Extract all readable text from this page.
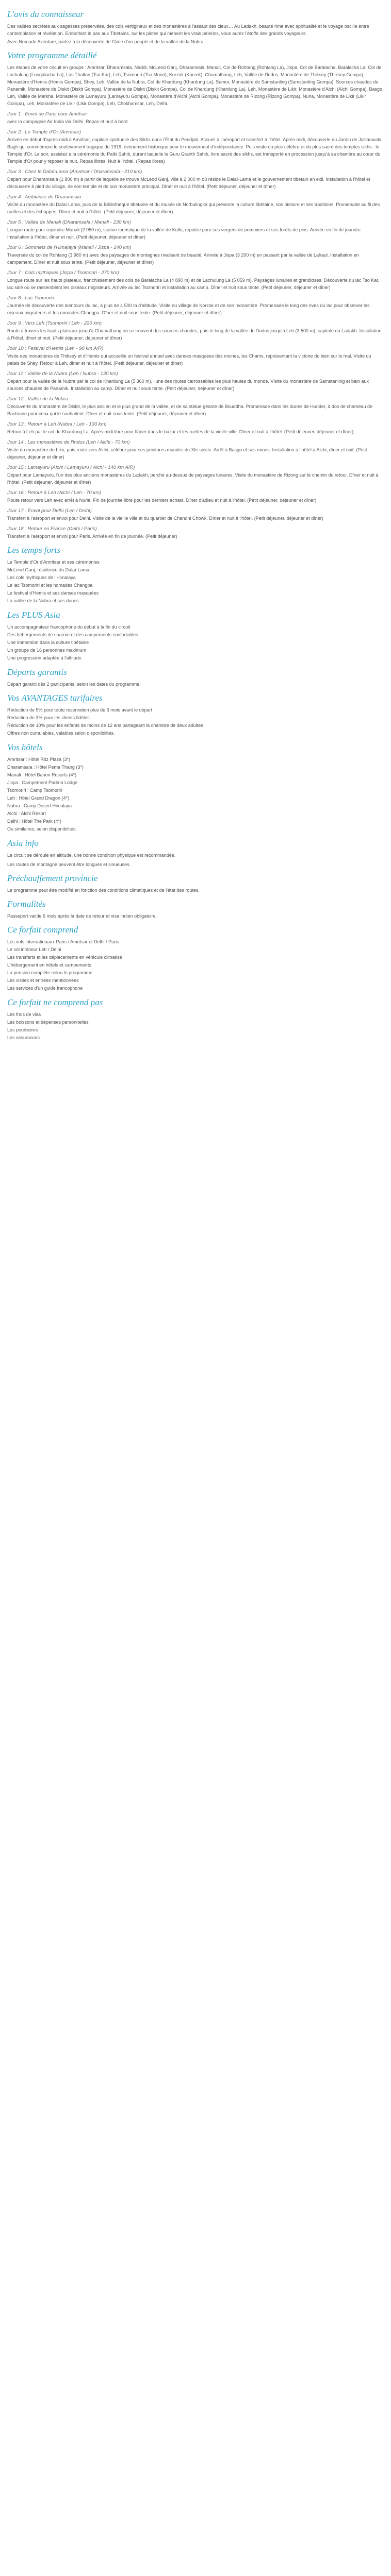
L'avis du connaisseur

Des vallées secrètes aux sagesses préservées, des cols vertigineux et des monastères à l'assaut des cieux… Au Ladakh, beauté rime avec spiritualité et le voyage oscille entre contemplation et révélation. Emboîtant le pas aux Tibétains, sur les pistes qui mènent les vrais pèlerins, vous aurez l'étoffe des grands voyageurs.

Avec Nomade Aventure, partez à la découverte de l'âme d'un peuple et de la vallée de la Nubra.

Votre programme détaillé

Les étapes de votre circuit en groupe : Amritsar, Dharamsala, Naddi, McLeod Ganj, Dharamsala, Manali, Col de Rohtang (Rohtang La), Jispa, Col de Baralacha, Baralacha La, Col de Lachulung (Lungalacha La), Las Thaltan (Tso Kar), Leh, Tsomoriri (Tso Moriri), Korzok (Korzok), Chumathang, Leh, Vallée de l'Indus, Monastère de Thiksey (Thiksey Gompa), Monastère d'Hemis (Hemis Gompa), Shey, Leh, Vallée de la Nubra, Col de Khardung (Khardung La), Sumur, Monastère de Samstanling (Samstanling Gompa), Sources chaudes de Panamik, Monastère de Diskit (Diskit Gompa), Monastère de Diskit (Diskit Gompa), Col de Khardung (Khardung La), Leh, Monastère de Likir, Monastère d'Alchi (Alchi Gompa), Basgo, Leh, Vallée de Markha, Monastère de Lamayuru (Lamayuru Gompa), Monastère d'Alchi (Alchi Gompa), Monastère de Rizong (Rizong Gompa), Nurla, Monastère de Likir (Likir Gompa), Leh, Monastère de Likir (Likir Gompa), Leh, Chokhamsar, Leh, Delhi.

Jour 1 : Envol de Paris pour Amritsar

avec la compagnie Air India via Delhi. Repas et nuit à bord.

Jour 2 : Le Temple d'Or (Amritsar)

Arrivée en début d'après-midi à Amritsar, capitale spirituelle des Sikhs dans l'État du Pendjab. Accueil à l'aéroport et transfert à l'hôtel. Après-midi, découverte du Jardin de Jallianwala Bagh qui commémore le soulèvement tragique de 1919, événement historique pour le mouvement d'indépendance. Puis visite du plus célèbre et du plus sacré des temples sikhs : le Temple d'Or. Le soir, assistez à la cérémonie du Palki Sahib, durant laquelle le Guru Granth Sahib, livre sacré des sikhs, est transporté en procession jusqu'à sa chambre au cœur du Temple d'Or pour y reposer la nuit. Repas libres. Nuit à l'hôtel. (Repas libres)

Jour 3 : Chez le Dalaï-Lama (Amritsar / Dharamsala - 210 km)

Départ pour Dharamsala (1 800 m) à partir de laquelle se trouve McLeod Ganj, ville à 2 000 m où réside le Dalaï-Lama et le gouvernement tibétain en exil. Installation à l'hôtel et découverte à pied du village, de son temple et de son monastère principal. Dîner et nuit à l'hôtel. (Petit déjeuner, déjeuner et dîner)

Jour 4 : Ambiance de Dharamsala

Visite du monastère du Dalaï-Lama, puis de la Bibliothèque tibétaine et du musée de Norbulingka qui présente la culture tibétaine, son histoire et ses traditions. Promenade au fil des ruelles et des échoppes. Dîner et nuit à l'hôtel. (Petit déjeuner, déjeuner et dîner)

Jour 5 : Vallée de Manali (Dharamsala / Manali - 230 km)

Longue route pour rejoindre Manali (2 050 m), station touristique de la vallée de Kullu, réputée pour ses vergers de pommiers et ses forêts de pins. Arrivée en fin de journée. Installation à l'hôtel, dîner et nuit. (Petit déjeuner, déjeuner et dîner)

Jour 6 : Sommets de l'Himalaya (Manali / Jispa - 140 km)

Traversée du col de Rohtang (3 980 m) avec des paysages de montagnes rivalisant de beauté. Arrivée à Jispa (3 200 m) en passant par la vallée de Lahaul. Installation en campement. Dîner et nuit sous tente. (Petit déjeuner, déjeuner et dîner)

Jour 7 : Cols mythiques (Jispa / Tsomoriri - 270 km)

Longue route sur les hauts plateaux, franchissement des cols de Baralacha La (4 890 m) et de Lachulung La (5 059 m). Paysages lunaires et grandioses. Découverte du lac Tso Kar, lac salé où se rassemblent les oiseaux migrateurs. Arrivée au lac Tsomoriri et installation au camp. Dîner et nuit sous tente. (Petit déjeuner, déjeuner et dîner)

Jour 8 : Lac Tsomoriri

Journée de découverte des alentours du lac, à plus de 4 500 m d'altitude. Visite du village de Korzok et de son monastère. Promenade le long des rives du lac pour observer les oiseaux migrateurs et les nomades Changpa. Dîner et nuit sous tente. (Petit déjeuner, déjeuner et dîner)

Jour 9 : Vers Leh (Tsomoriri / Leh - 220 km)

Route à travers les hauts plateaux jusqu'à Chumathang où se trouvent des sources chaudes, puis le long de la vallée de l'Indus jusqu'à Leh (3 500 m), capitale du Ladakh. Installation à l'hôtel, dîner et nuit. (Petit déjeuner, déjeuner et dîner)

Jour 10 : Festival d'Hemis (Leh - 90 km A/R)

Visite des monastères de Thiksey et d'Hemis qui accueille un festival annuel avec danses masquées des moines, les Chams, représentant la victoire du bien sur le mal. Visite du palais de Shey. Retour à Leh, dîner et nuit à l'hôtel. (Petit déjeuner, déjeuner et dîner)

Jour 11 : Vallée de la Nubra (Leh / Nubra - 130 km)

Départ pour la vallée de la Nubra par le col de Khardung La (5 360 m), l'une des routes carrossables les plus hautes du monde. Visite du monastère de Samstanling et bain aux sources chaudes de Panamik. Installation au camp. Dîner et nuit sous tente. (Petit déjeuner, déjeuner et dîner)

Jour 12 : Vallée de la Nubra

Découverte du monastère de Diskit, le plus ancien et le plus grand de la vallée, et de sa statue géante de Bouddha. Promenade dans les dunes de Hunder, à dos de chameau de Bactriane pour ceux qui le souhaitent. Dîner et nuit sous tente. (Petit déjeuner, déjeuner et dîner)

Jour 13 : Retour à Leh (Nubra / Leh - 130 km)

Retour à Leh par le col de Khardung La. Après-midi libre pour flâner dans le bazar et les ruelles de la vieille ville. Dîner et nuit à l'hôtel. (Petit déjeuner, déjeuner et dîner)

Jour 14 : Les monastères de l'Indus (Leh / Alchi - 70 km)

Visite du monastère de Likir, puis route vers Alchi, célèbre pour ses peintures murales du XIe siècle. Arrêt à Basgo et ses ruines. Installation à l'hôtel à Alchi, dîner et nuit. (Petit déjeuner, déjeuner et dîner)

Jour 15 : Lamayuru (Alchi / Lamayuru / Alchi - 140 km A/R)

Départ pour Lamayuru, l'un des plus anciens monastères du Ladakh, perché au-dessus de paysages lunaires. Visite du monastère de Rizong sur le chemin du retour. Dîner et nuit à l'hôtel. (Petit déjeuner, déjeuner et dîner)

Jour 16 : Retour à Leh (Alchi / Leh - 70 km)

Route retour vers Leh avec arrêt à Nurla. Fin de journée libre pour les derniers achats. Dîner d'adieu et nuit à l'hôtel. (Petit déjeuner, déjeuner et dîner)

Jour 17 : Envol pour Delhi (Leh / Delhi)

Transfert à l'aéroport et envol pour Delhi. Visite de la vieille ville et du quartier de Chandni Chowk. Dîner et nuit à l'hôtel. (Petit déjeuner, déjeuner et dîner)

Jour 18 : Retour en France (Delhi / Paris)

Transfert à l'aéroport et envol pour Paris. Arrivée en fin de journée. (Petit déjeuner)

Les temps forts

Le Temple d'Or d'Amritsar et ses cérémonies

McLeod Ganj, résidence du Dalaï-Lama

Les cols mythiques de l'Himalaya

Le lac Tsomoriri et les nomades Changpa

Le festival d'Hemis et ses danses masquées

La vallée de la Nubra et ses dunes

Les PLUS Asia

Un accompagnateur francophone du début à la fin du circuit

Des hébergements de charme et des campements confortables

Une immersion dans la culture tibétaine

Un groupe de 16 personnes maximum

Une progression adaptée à l'altitude

Départs garantis

Départ garanti dès 2 participants, selon les dates du programme.

Vos AVANTAGES tarifaires

Réduction de 5% pour toute réservation plus de 6 mois avant le départ

Réduction de 3% pour les clients fidèles

Réduction de 10% pour les enfants de moins de 12 ans partageant la chambre de deux adultes

Offres non cumulables, valables selon disponibilités.

Vos hôtels

Amritsar : Hôtel Ritz Plaza (3*)

Dharamsala : Hôtel Pema Thang (3*)

Manali : Hôtel Banon Resorts (4*)

Jispa : Campement Padma Lodge

Tsomoriri : Camp Tsomoriri

Leh : Hôtel Grand Dragon (4*)

Nubra : Camp Desert Himalaya

Alchi : Alchi Resort

Delhi : Hôtel The Park (4*)

Ou similaires, selon disponibilités.

Asia info

Le circuit se déroule en altitude, une bonne condition physique est recommandée.

Les routes de montagne peuvent être longues et sinueuses.

Préchauffement provincie

Le programme peut être modifié en fonction des conditions climatiques et de l'état des routes.

Formalités

Passeport valide 6 mois après la date de retour et visa indien obligatoire.

Ce forfait comprend

Les vols internationaux Paris / Amritsar et Delhi / Paris

Le vol intérieur Leh / Delhi

Les transferts et les déplacements en véhicule climatisé

L'hébergement en hôtels et campements

La pension complète selon le programme

Les visites et entrées mentionnées

Les services d'un guide francophone

Ce forfait ne comprend pas

Les frais de visa

Les boissons et dépenses personnelles

Les pourboires

Les assurances
